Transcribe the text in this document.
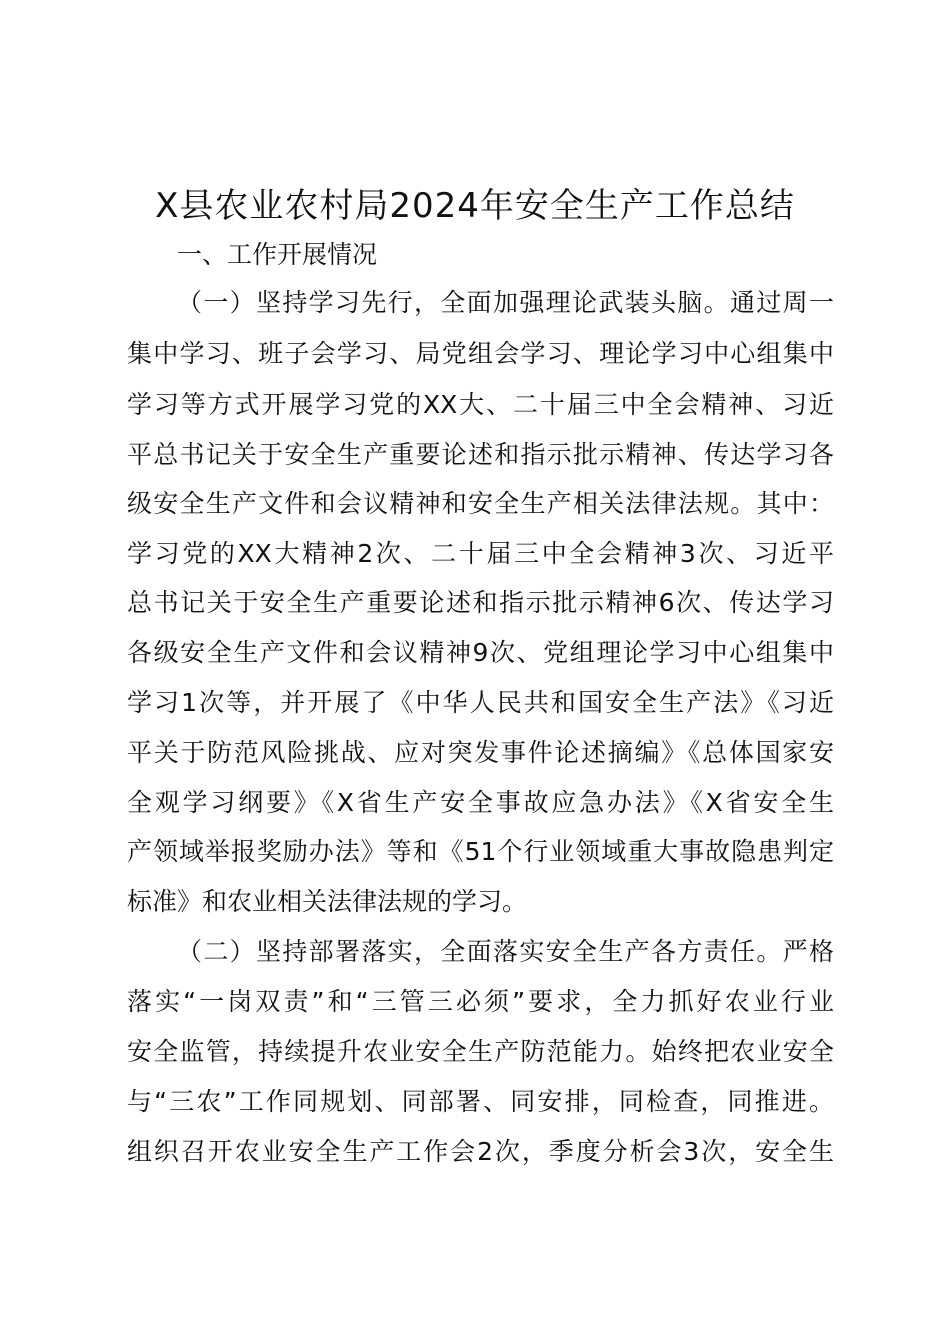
X县农业农村局2024年安全生产工作总结
一、工作开展情况
（一）坚持学习先行，全面加强理论武装头脑。通过周一
集中学习、班子会学习、局党组会学习、理论学习中心组集中
学习等方式开展学习党的XX大、二十届三中全会精神、习近
平总书记关于安全生产重要论述和指示批示精神、传达学习各
级安全生产文件和会议精神和安全生产相关法律法规。其中：
学习党的XX大精神2次、二十届三中全会精神3次、习近平
总书记关于安全生产重要论述和指示批示精神6次、传达学习
各级安全生产文件和会议精神9次、党组理论学习中心组集中
学习1次等，并开展了《中华人民共和国安全生产法》《习近
平关于防范风险挑战、应对突发事件论述摘编》《总体国家安
全观学习纲要》《X省生产安全事故应急办法》《X省安全生
产领域举报奖励办法》等和《51个行业领域重大事故隐患判定
标准》和农业相关法律法规的学习。
（二）坚持部署落实，全面落实安全生产各方责任。严格
落实“一岗双责”和“三管三必须”要求，全力抓好农业行业
安全监管，持续提升农业安全生产防范能力。始终把农业安全
与“三农”工作同规划、同部署、同安排，同检查，同推进。
组织召开农业安全生产工作会2次，季度分析会3次，安全生
